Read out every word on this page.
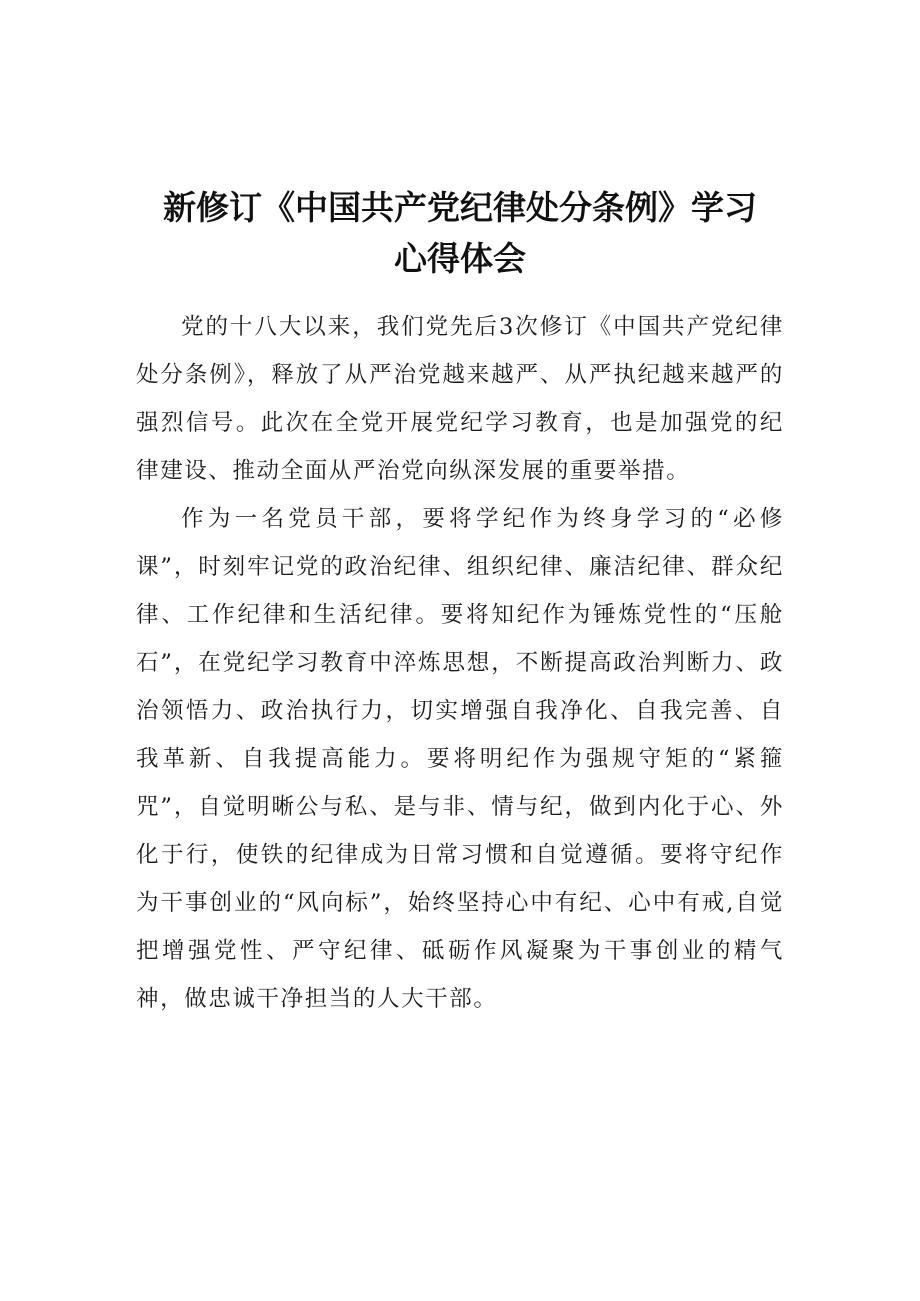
新修订《中国共产党纪律处分条例》学习
心得体会

党的十八大以来，我们党先后3次修订《中国共产党纪律处分条例》，释放了从严治党越来越严、从严执纪越来越严的强烈信号。此次在全党开展党纪学习教育，也是加强党的纪律建设、推动全面从严治党向纵深发展的重要举措。

作为一名党员干部，要将学纪作为终身学习的“必修课”，时刻牢记党的政治纪律、组织纪律、廉洁纪律、群众纪律、工作纪律和生活纪律。要将知纪作为锤炼党性的“压舱石”，在党纪学习教育中淬炼思想，不断提高政治判断力、政治领悟力、政治执行力，切实增强自我净化、自我完善、自我革新、自我提高能力。要将明纪作为强规守矩的“紧箍咒”，自觉明晰公与私、是与非、情与纪，做到内化于心、外化于行，使铁的纪律成为日常习惯和自觉遵循。要将守纪作为干事创业的“风向标”，始终坚持心中有纪、心中有戒,自觉把增强党性、严守纪律、砥砺作风凝聚为干事创业的精气神，做忠诚干净担当的人大干部。
